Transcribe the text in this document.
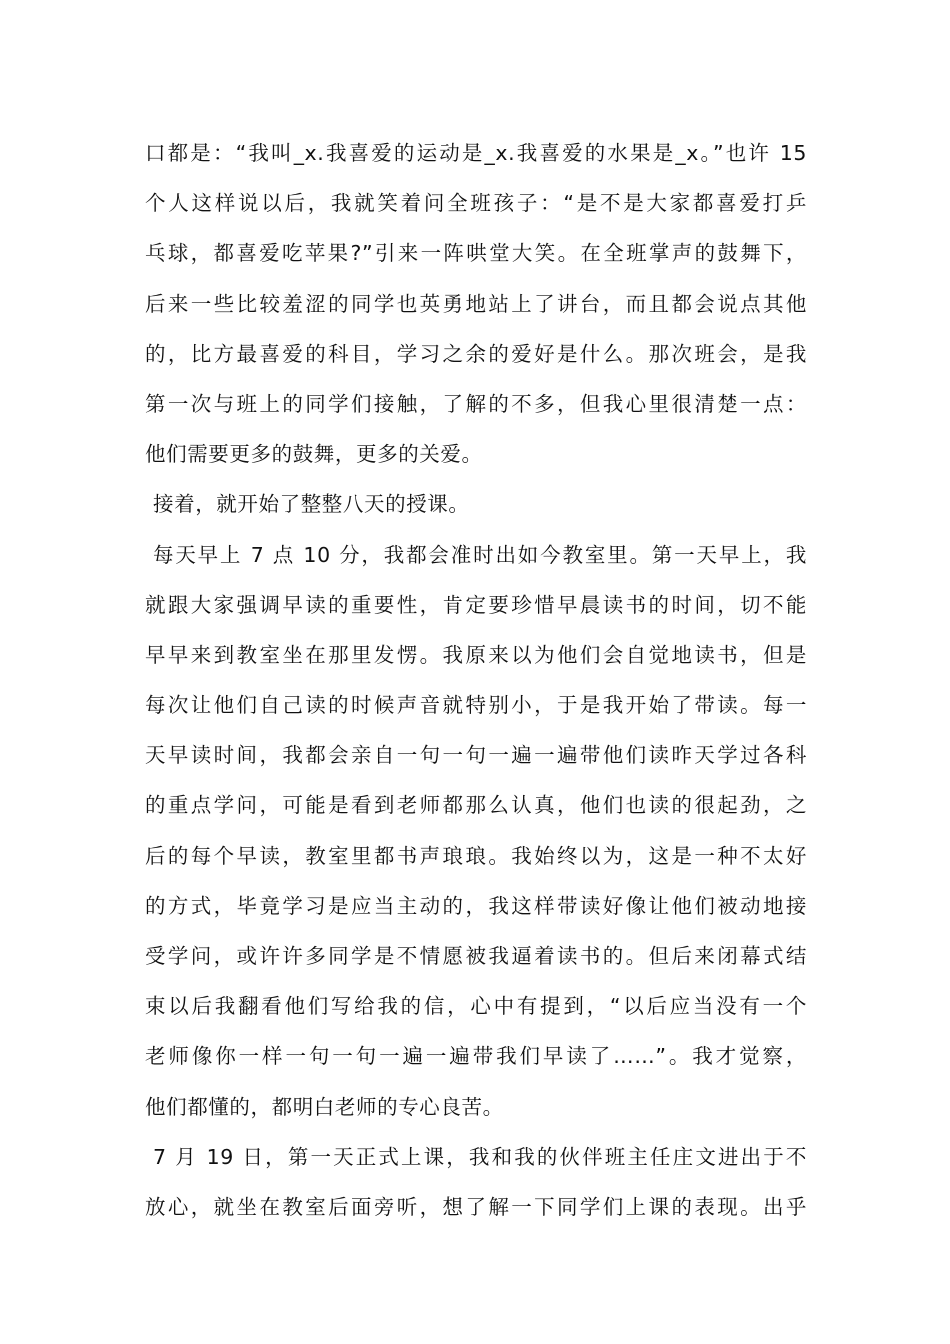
口都是：“我叫_x.我喜爱的运动是_x.我喜爱的水果是_x。”也许 15
个人这样说以后，我就笑着问全班孩子：“是不是大家都喜爱打乒
乓球，都喜爱吃苹果?”引来一阵哄堂大笑。在全班掌声的鼓舞下，
后来一些比较羞涩的同学也英勇地站上了讲台，而且都会说点其他
的，比方最喜爱的科目，学习之余的爱好是什么。那次班会，是我
第一次与班上的同学们接触，了解的不多，但我心里很清楚一点：
他们需要更多的鼓舞，更多的关爱。
接着，就开始了整整八天的授课。
每天早上 7 点 10 分，我都会准时出如今教室里。第一天早上，我
就跟大家强调早读的重要性，肯定要珍惜早晨读书的时间，切不能
早早来到教室坐在那里发愣。我原来以为他们会自觉地读书，但是
每次让他们自己读的时候声音就特别小，于是我开始了带读。每一
天早读时间，我都会亲自一句一句一遍一遍带他们读昨天学过各科
的重点学问，可能是看到老师都那么认真，他们也读的很起劲，之
后的每个早读，教室里都书声琅琅。我始终以为，这是一种不太好
的方式，毕竟学习是应当主动的，我这样带读好像让他们被动地接
受学问，或许许多同学是不情愿被我逼着读书的。但后来闭幕式结
束以后我翻看他们写给我的信，心中有提到，“以后应当没有一个
老师像你一样一句一句一遍一遍带我们早读了……”。我才觉察，
他们都懂的，都明白老师的专心良苦。
7 月 19 日，第一天正式上课，我和我的伙伴班主任庄文进出于不
放心，就坐在教室后面旁听，想了解一下同学们上课的表现。出乎
